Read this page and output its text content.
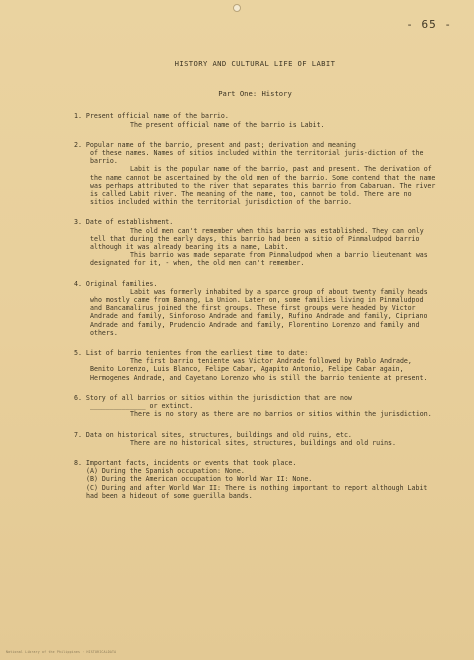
- 65 -
HISTORY AND CULTURAL LIFE OF LABIT
Part One: History
1. Present official name of the barrio.
The present official name of the barrio is Labit.
2. Popular name of the barrio, present and past; derivation and meaning
of these names. Names of sitios included within the territorial juris-diction of the barrio.
Labit is the popular name of the barrio, past and present. The derivation of the name cannot be ascertained by the old men of the barrio. Some contend that the name was perhaps attributed to the river that separates this barrio from Cabaruan. The river is called Labit river. The meaning of the name, too, cannot be told. There are no sitios included within the territorial jurisdiction of the barrio.
3. Date of establishment.
The old men can't remember when this barrio was established. They can only tell that during the early days, this barrio had been a sitio of Pinmaludpod barrio although it was already bearing its a name, Labit.
This barrio was made separate from Pinmaludpod when a barrio lieutenant was designated for it, - when, the old men can't remember.
4. Original families.
Labit was formerly inhabited by a sparce group of about twenty family heads who mostly came from Banang, La Union. Later on, some families living in Pinmaludpod and Bancamalirus joined the first groups. These first groups were headed by Victor Andrade and family, Sinforoso Andrade and family, Rufino Andrade and family, Cipriano Andrade and family, Prudencio Andrade and family, Florentino Lorenzo and family and others.
5. List of barrio tenientes from the earliest time to date:
The first barrio teniente was Victor Andrade followed by Pablo Andrade, Benito Lorenzo, Luis Blanco, Felipe Cabar, Agapito Antonio, Felipe Cabar again, Hermogenes Andrade, and Cayetano Lorenzo who is still the barrio teniente at present.
6. Story of all barrios or sitios within the jurisdiction that are now
______________ or extinct.
There is no story as there are no barrios or sitios within the jurisdiction.
7. Data on historical sites, structures, buildings and old ruins, etc.
There are no historical sites, structures, buildings and old ruins.
8. Important facts, incidents or events that took place.
(A) During the Spanish occupation: None.
(B) During the American occupation to World War II: None.
(C) During and after World War II: There is nothing important to report although Labit had been a hideout of some guerilla bands.
National Library of the Philippines · HISTORICALDATA
